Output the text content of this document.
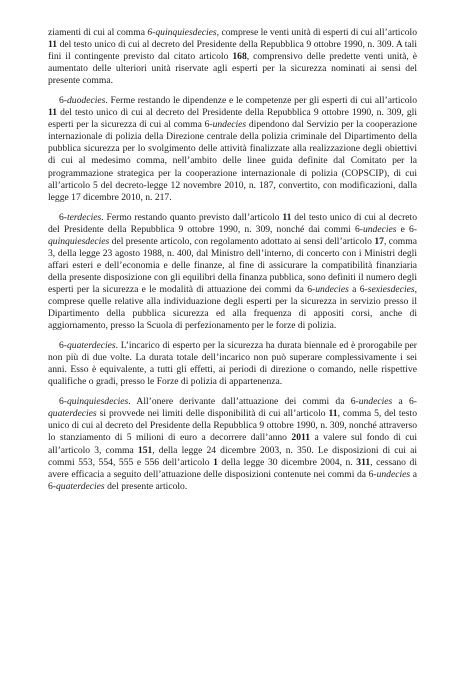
ziamenti di cui al comma 6-quinquiesdecies, comprese le venti unità di esperti di cui all’articolo 11 del testo unico di cui al decreto del Presidente della Repubblica 9 ottobre 1990, n. 309. A tali fini il contingente previsto dal citato articolo 168, comprensivo delle predette venti unità, è aumentato delle ulteriori unità riservate agli esperti per la sicurezza nominati ai sensi del presente comma.

6-duodecies. Ferme restando le dipendenze e le competenze per gli esperti di cui all’articolo 11 del testo unico di cui al decreto del Presidente della Repubblica 9 ottobre 1990, n. 309, gli esperti per la sicurezza di cui al comma 6-undecies dipendono dal Servizio per la cooperazione internazionale di polizia della Direzione centrale della polizia criminale del Dipartimento della pubblica sicurezza per lo svolgimento delle attività finalizzate alla realizzazione degli obiettivi di cui al medesimo comma, nell’ambito delle linee guida definite dal Comitato per la programmazione strategica per la cooperazione internazionale di polizia (COPSCIP), di cui all’articolo 5 del decreto-legge 12 novembre 2010, n. 187, convertito, con modificazioni, dalla legge 17 dicembre 2010, n. 217.

6-terdecies. Fermo restando quanto previsto dall’articolo 11 del testo unico di cui al decreto del Presidente della Repubblica 9 ottobre 1990, n. 309, nonché dai commi 6-undecies e 6-quinquiesdecies del presente articolo, con regolamento adottato ai sensi dell’articolo 17, comma 3, della legge 23 agosto 1988, n. 400, dal Ministro dell’interno, di concerto con i Ministri degli affari esteri e dell’economia e delle finanze, al fine di assicurare la compatibilità finanziaria della presente disposizione con gli equilibri della finanza pubblica, sono definiti il numero degli esperti per la sicurezza e le modalità di attuazione dei commi da 6-undecies a 6-sexiesdecies, comprese quelle relative alla individuazione degli esperti per la sicurezza in servizio presso il Dipartimento della pubblica sicurezza ed alla frequenza di appositi corsi, anche di aggiornamento, presso la Scuola di perfezionamento per le forze di polizia.

6-quaterdecies. L’incarico di esperto per la sicurezza ha durata biennale ed è prorogabile per non più di due volte. La durata totale dell’incarico non può superare complessivamente i sei anni. Esso è equivalente, a tutti gli effetti, ai periodi di direzione o comando, nelle rispettive qualifiche o gradi, presso le Forze di polizia di appartenenza.

6-quinquiesdecies. All’onere derivante dall’attuazione dei commi da 6-undecies a 6-quaterdecies si provvede nei limiti delle disponibilità di cui all’articolo 11, comma 5, del testo unico di cui al decreto del Presidente della Repubblica 9 ottobre 1990, n. 309, nonché attraverso lo stanziamento di 5 milioni di euro a decorrere dall’anno 2011 a valere sul fondo di cui all’articolo 3, comma 151, della legge 24 dicembre 2003, n. 350. Le disposizioni di cui ai commi 553, 554, 555 e 556 dell’articolo 1 della legge 30 dicembre 2004, n. 311, cessano di avere efficacia a seguito dell’attuazione delle disposizioni contenute nei commi da 6-undecies a 6-quaterdecies del presente articolo.
